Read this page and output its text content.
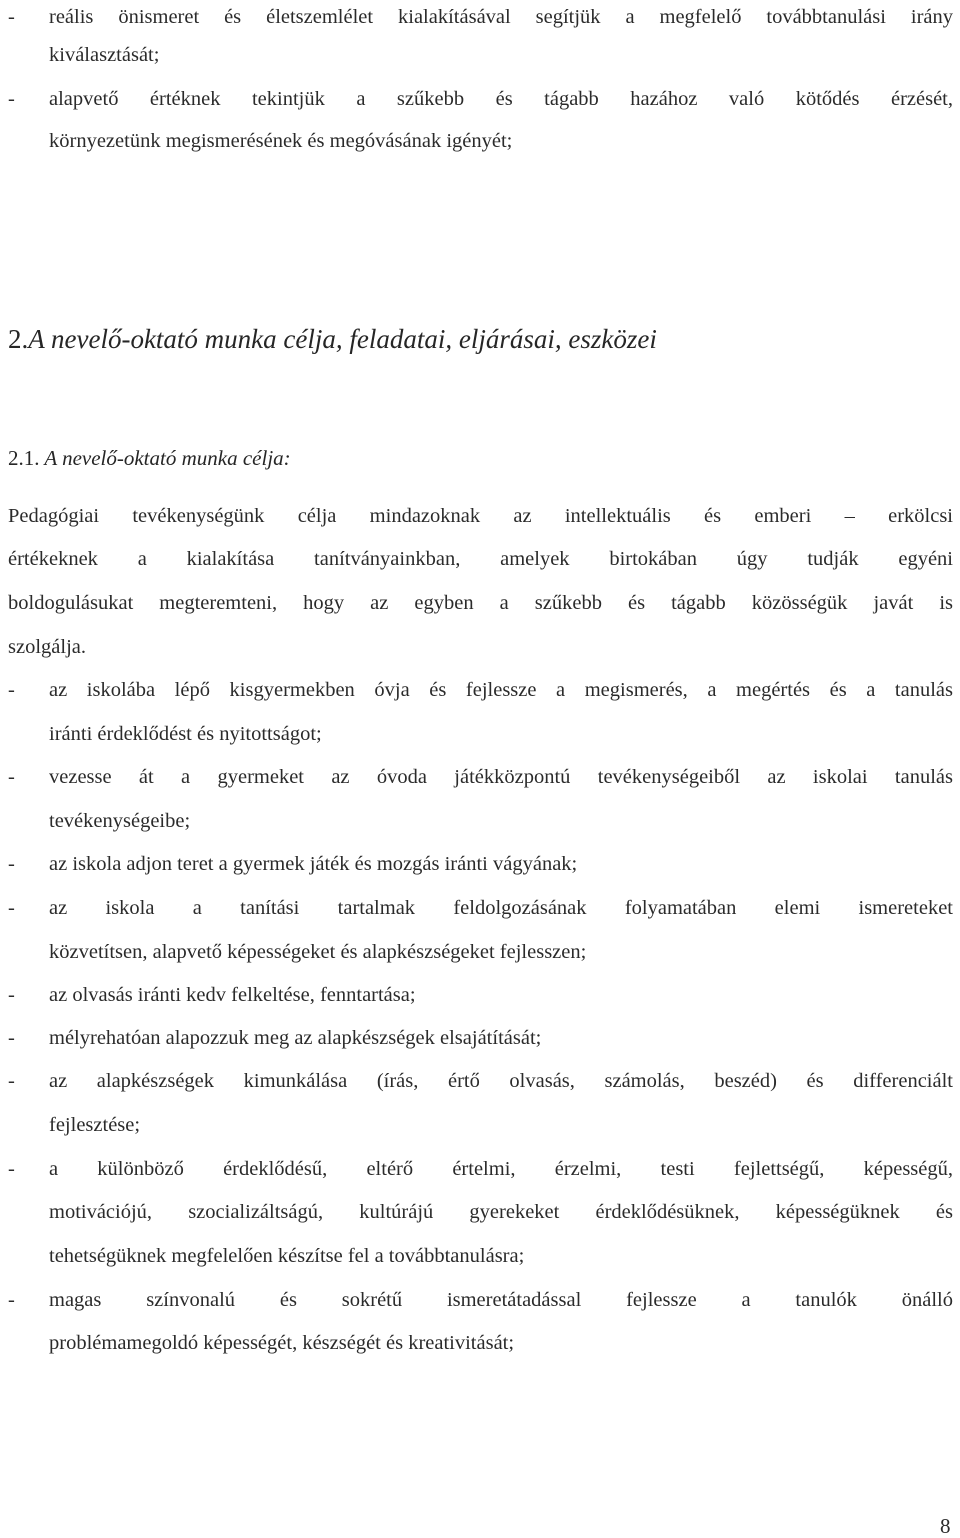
- reális önismeret és életszemlélet kialakításával segítjük a megfelelő továbbtanulási irány
kiválasztását;
- alapvető értéknek tekintjük a szűkebb és tágabb hazához való kötődés érzését,
környezetünk megismerésének és megóvásának igényét;
2.A nevelő-oktató munka célja, feladatai, eljárásai, eszközei
2.1. A nevelő-oktató munka célja:
Pedagógiai tevékenységünk célja mindazoknak az intellektuális és emberi – erkölcsi
értékeknek a kialakítása tanítványainkban, amelyek birtokában úgy tudják egyéni
boldogulásukat megteremteni, hogy az egyben a szűkebb és tágabb közösségük javát is
szolgálja.
- az iskolába lépő kisgyermekben óvja és fejlessze a megismerés, a megértés és a tanulás
iránti érdeklődést és nyitottságot;
- vezesse át a gyermeket az óvoda játékközpontú tevékenységeiből az iskolai tanulás
tevékenységeibe;
- az iskola adjon teret a gyermek játék és mozgás iránti vágyának;
- az iskola a tanítási tartalmak feldolgozásának folyamatában elemi ismereteket
közvetítsen, alapvető képességeket és alapkészségeket fejlesszen;
- az olvasás iránti kedv felkeltése, fenntartása;
- mélyrehatóan alapozzuk meg az alapkészségek elsajátítását;
- az alapkészségek kimunkálása (írás, értő olvasás, számolás, beszéd) és differenciált
fejlesztése;
- a különböző érdeklődésű, eltérő értelmi, érzelmi, testi fejlettségű, képességű,
motivációjú, szocializáltságú, kultúrájú gyerekeket érdeklődésüknek, képességüknek és
tehetségüknek megfelelően készítse fel a továbbtanulásra;
- magas színvonalú és sokrétű ismeretátadással fejlessze a tanulók önálló
problémamegoldó képességét, készségét és kreativitását;
8
